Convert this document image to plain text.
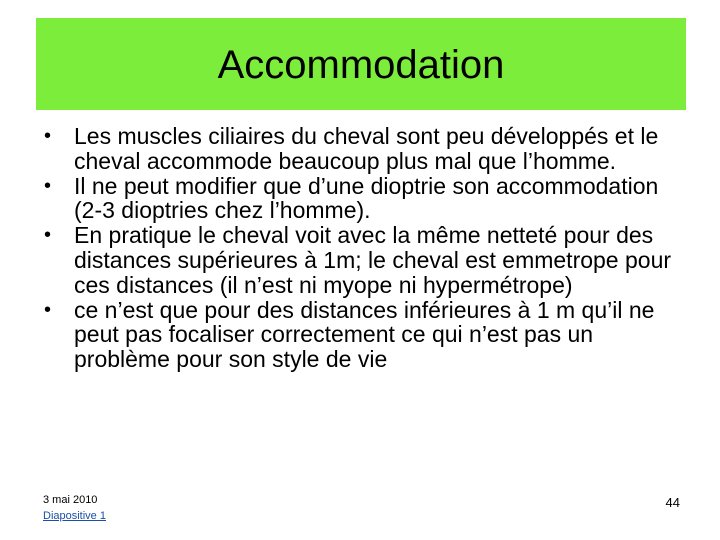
Accommodation
• Les muscles ciliaires du cheval sont peu développés et le cheval accommode beaucoup plus mal que l’homme.
• Il ne peut modifier que d’une dioptrie son accommodation (2-3 dioptries chez l’homme).
• En pratique le cheval voit avec la même netteté pour des distances supérieures à 1m; le cheval est emmetrope pour ces distances (il n’est ni myope ni hypermétrope)
• ce n’est que pour des distances inférieures à 1 m qu’il ne peut pas focaliser correctement ce qui n’est pas un problème pour son style de vie
3 mai 2010
Diapositive 1
44
